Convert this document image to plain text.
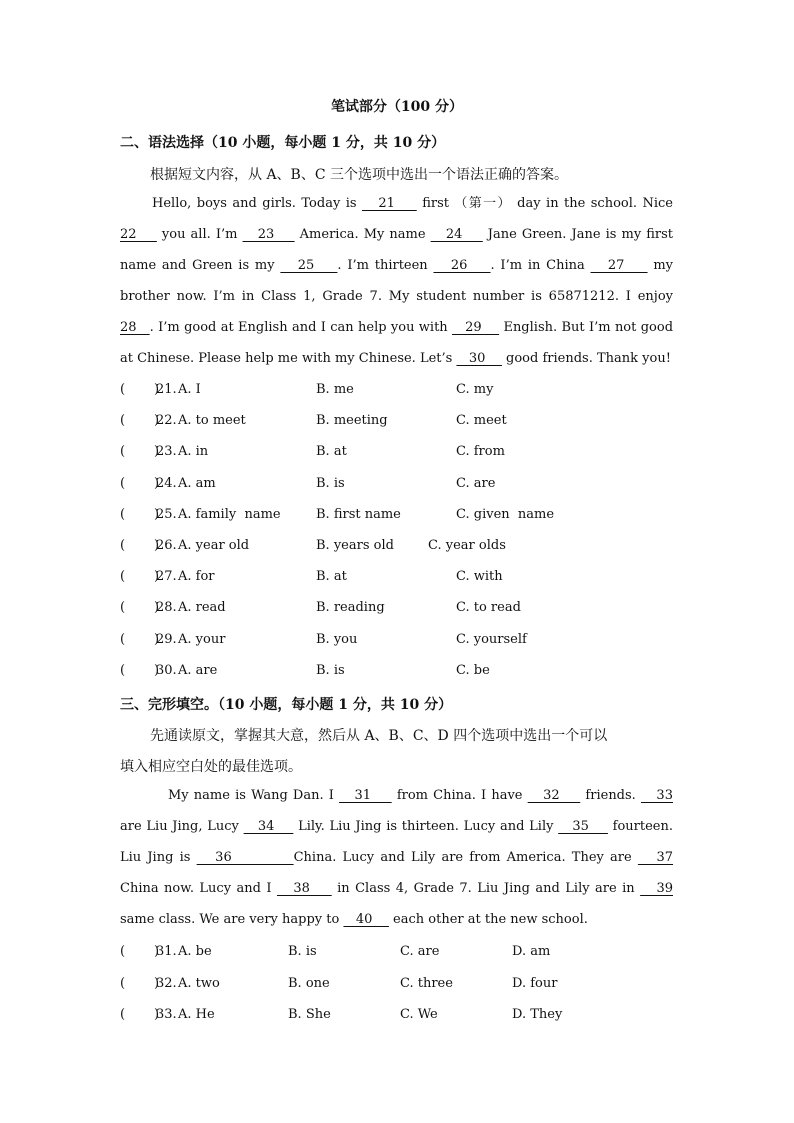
笔试部分（100 分）
二、语法选择（10 小题，每小题 1 分，共 10 分）
根据短文内容，从 A、B、C 三个选项中选出一个语法正确的答案。
Hello, boys and girls. Today is    21     first （第一） day in the school. Nice
22     you all. I’m    23     America. My name    24     Jane Green. Jane is my first
name and Green is my    25    . I’m thirteen    26    . I’m in China    27     my
brother now. I’m in Class 1, Grade 7. My student number is 65871212. I enjoy
28   . I’m good at English and I can help you with    29     English. But I’m not good
at Chinese. Please help me with my Chinese. Let’s    30     good friends. Thank you!
(       )
21. A. I	B. me	C. my
(       )
22. A. to meet	B. meeting	C. meet
(       )
23. A. in	B. at	C. from
(       )
24. A. am	B. is	C. are
(       )
25. A. family  name	B. first name	C. given  name
(       )
26. A. year old	B. years old	C. year olds
(       )
27. A. for	B. at	C. with
(       )
28. A. read	B. reading	C. to read
(       )
29. A. your	B. you	C. yourself
(       )
30. A. are	B. is	C. be
三、完形填空。（10 小题，每小题 1 分，共 10 分）
先通读原文，掌握其大意，然后从 A、B、C、D 四个选项中选出一个可以
填入相应空白处的最佳选项。
My name is Wang Dan. I    31     from China. I have    32     friends.    33
are Liu Jing, Lucy    34     Lily. Liu Jing is thirteen. Lucy and Lily    35     fourteen.
Liu Jing is    36          China. Lucy and Lily are from America. They are    37
China now. Lucy and I    38     in Class 4, Grade 7. Liu Jing and Lily are in    39
same class. We are very happy to    40     each other at the new school.
(       )
31. A. be	B. is	C. are	D. am
(       )
32. A. two	B. one	C. three	D. four
(       )
33. A. He	B. She	C. We	D. They
